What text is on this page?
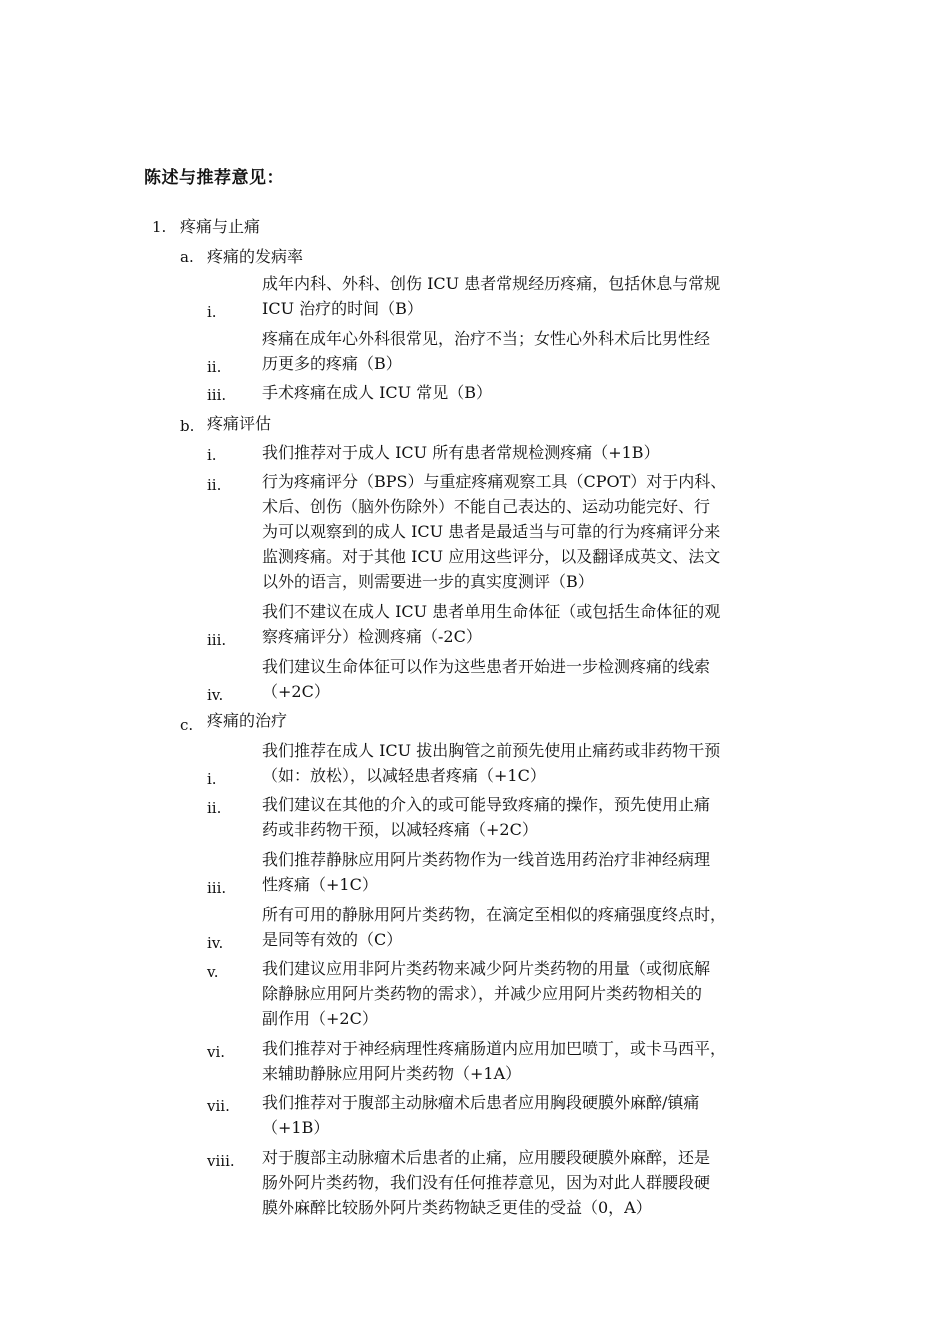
陈述与推荐意见：
1. 疼痛与止痛
a. 疼痛的发病率
i.
成年内科、外科、创伤 ICU 患者常规经历疼痛，包括休息与常规
ICU 治疗的时间（B）
ii.
疼痛在成年心外科很常见，治疗不当；女性心外科术后比男性经
历更多的疼痛（B）
iii. 手术疼痛在成人 ICU 常见（B）
b. 疼痛评估
i.	我们推荐对于成人 ICU 所有患者常规检测疼痛（+1B）
ii.	行为疼痛评分（BPS）与重症疼痛观察工具（CPOT）对于内科、
术后、创伤（脑外伤除外）不能自己表达的、运动功能完好、行
为可以观察到的成人 ICU 患者是最适当与可靠的行为疼痛评分来
监测疼痛。对于其他 ICU 应用这些评分，以及翻译成英文、法文
以外的语言，则需要进一步的真实度测评（B）
iii.
我们不建议在成人 ICU 患者单用生命体征（或包括生命体征的观
察疼痛评分）检测疼痛（-2C）
iv.
我们建议生命体征可以作为这些患者开始进一步检测疼痛的线索
（+2C）
c. 疼痛的治疗
i.
我们推荐在成人 ICU 拔出胸管之前预先使用止痛药或非药物干预
（如：放松），以减轻患者疼痛（+1C）
ii.	我们建议在其他的介入的或可能导致疼痛的操作，预先使用止痛
药或非药物干预，以减轻疼痛（+2C）
iii.
我们推荐静脉应用阿片类药物作为一线首选用药治疗非神经病理
性疼痛（+1C）
iv.
所有可用的静脉用阿片类药物，在滴定至相似的疼痛强度终点时，
是同等有效的（C）
v.	我们建议应用非阿片类药物来减少阿片类药物的用量（或彻底解
除静脉应用阿片类药物的需求），并减少应用阿片类药物相关的
副作用（+2C）
vi. 我们推荐对于神经病理性疼痛肠道内应用加巴喷丁，或卡马西平，
来辅助静脉应用阿片类药物（+1A）
vii. 我们推荐对于腹部主动脉瘤术后患者应用胸段硬膜外麻醉/镇痛
（+1B）
viii. 对于腹部主动脉瘤术后患者的止痛，应用腰段硬膜外麻醉，还是
肠外阿片类药物，我们没有任何推荐意见，因为对此人群腰段硬
膜外麻醉比较肠外阿片类药物缺乏更佳的受益（0，A）
